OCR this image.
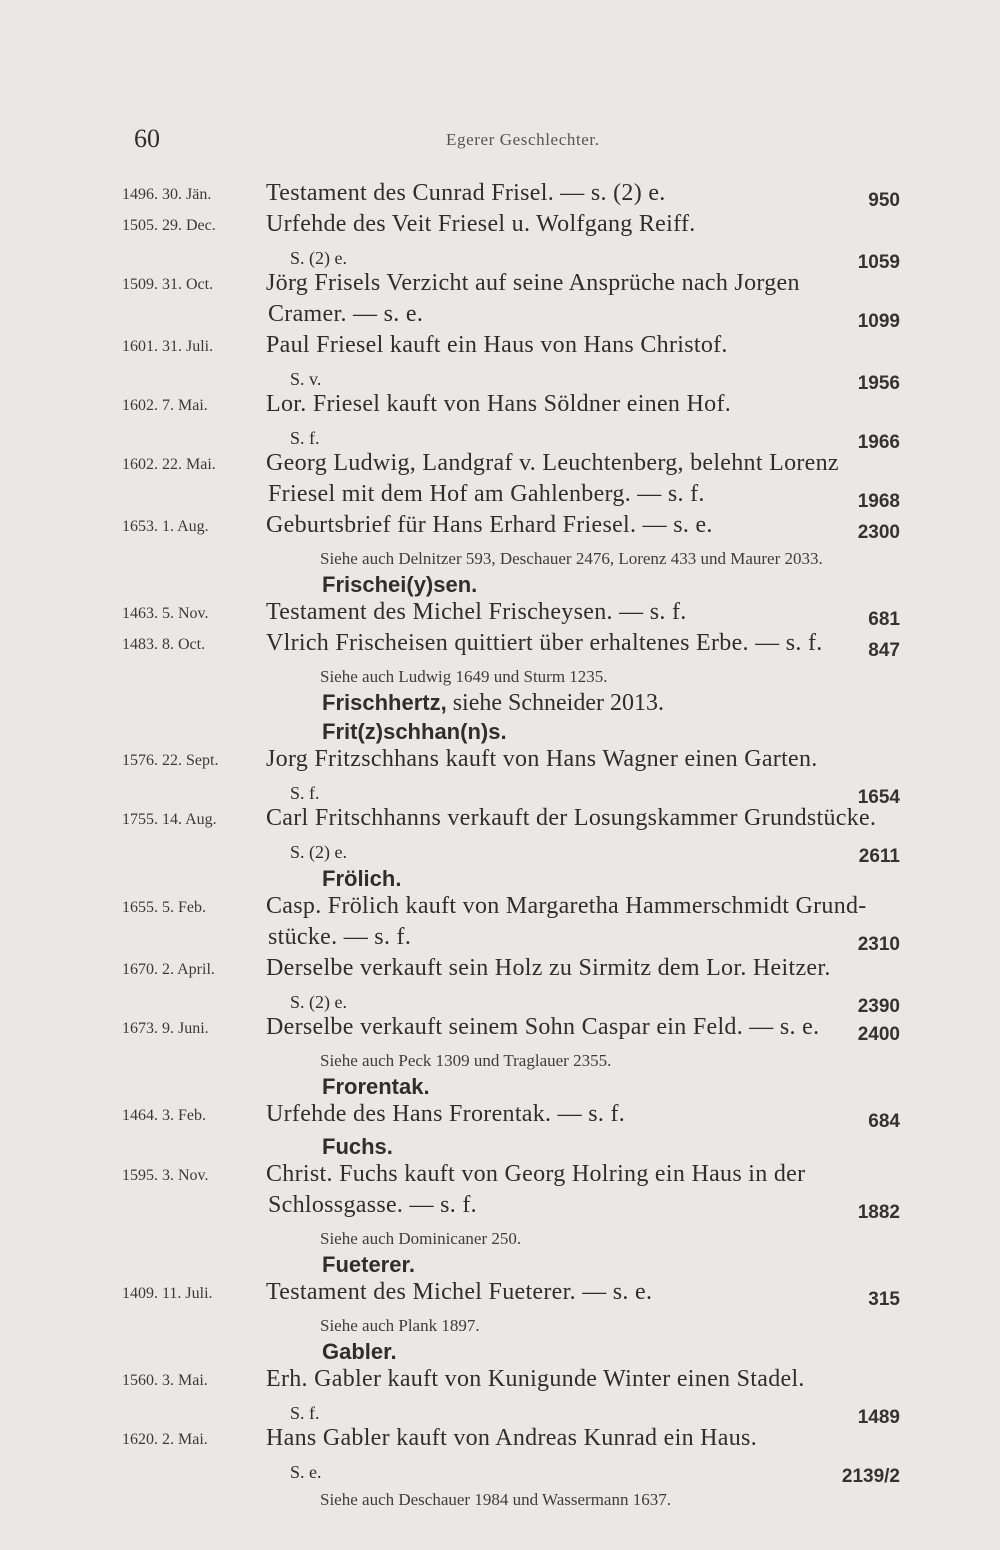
60	Egerer Geschlechter.
1496. 30. Jän.	Testament des Cunrad Frisel. — s. (2) e.	950
1505. 29. Dec.	Urfehde des Veit Friesel u. Wolfgang Reiff.
S. (2) e.	1059
1509. 31. Oct.	Jörg Frisels Verzicht auf seine Ansprüche nach Jorgen
Cramer. — s. e.	1099
1601. 31. Juli.	Paul Friesel kauft ein Haus von Hans Christof.
S. v.	1956
1602. 7. Mai.	Lor. Friesel kauft von Hans Söldner einen Hof.
S. f.	1966
1602. 22. Mai.	Georg Ludwig, Landgraf v. Leuchtenberg, belehnt Lorenz
Friesel mit dem Hof am Gahlenberg. — s. f.	1968
1653. 1. Aug.	Geburtsbrief für Hans Erhard Friesel. — s. e.	2300
Siehe auch Delnitzer 593, Deschauer 2476, Lorenz 433 und Maurer 2033.
Frischei(y)sen.
1463. 5. Nov.	Testament des Michel Frischeysen. — s. f.	681
1483. 8. Oct.	Vlrich Frischeisen quittiert über erhaltenes Erbe. — s. f.	847
Siehe auch Ludwig 1649 und Sturm 1235.
Frischhertz, siehe Schneider 2013.
Frit(z)schhan(n)s.
1576. 22. Sept.	Jorg Fritzschhans kauft von Hans Wagner einen Garten.
S. f.	1654
1755. 14. Aug.	Carl Fritschhanns verkauft der Losungskammer Grundstücke.
S. (2) e.	2611
Frölich.
1655. 5. Feb.	Casp. Frölich kauft von Margaretha Hammerschmidt Grund-
stücke. — s. f.	2310
1670. 2. April.	Derselbe verkauft sein Holz zu Sirmitz dem Lor. Heitzer.
S. (2) e.	2390
1673. 9. Juni.	Derselbe verkauft seinem Sohn Caspar ein Feld. — s. e.	2400
Siehe auch Peck 1309 und Traglauer 2355.
Frorentak.
1464. 3. Feb.	Urfehde des Hans Frorentak. — s. f.	684
Fuchs.
1595. 3. Nov.	Christ. Fuchs kauft von Georg Holring ein Haus in der
Schlossgasse. — s. f.	1882
Siehe auch Dominicaner 250.
Fueterer.
1409. 11. Juli.	Testament des Michel Fueterer. — s. e.	315
Siehe auch Plank 1897.
Gabler.
1560. 3. Mai.	Erh. Gabler kauft von Kunigunde Winter einen Stadel.
S. f.	1489
1620. 2. Mai.	Hans Gabler kauft von Andreas Kunrad ein Haus.
S. e.	2139/2
Siehe auch Deschauer 1984 und Wassermann 1637.
